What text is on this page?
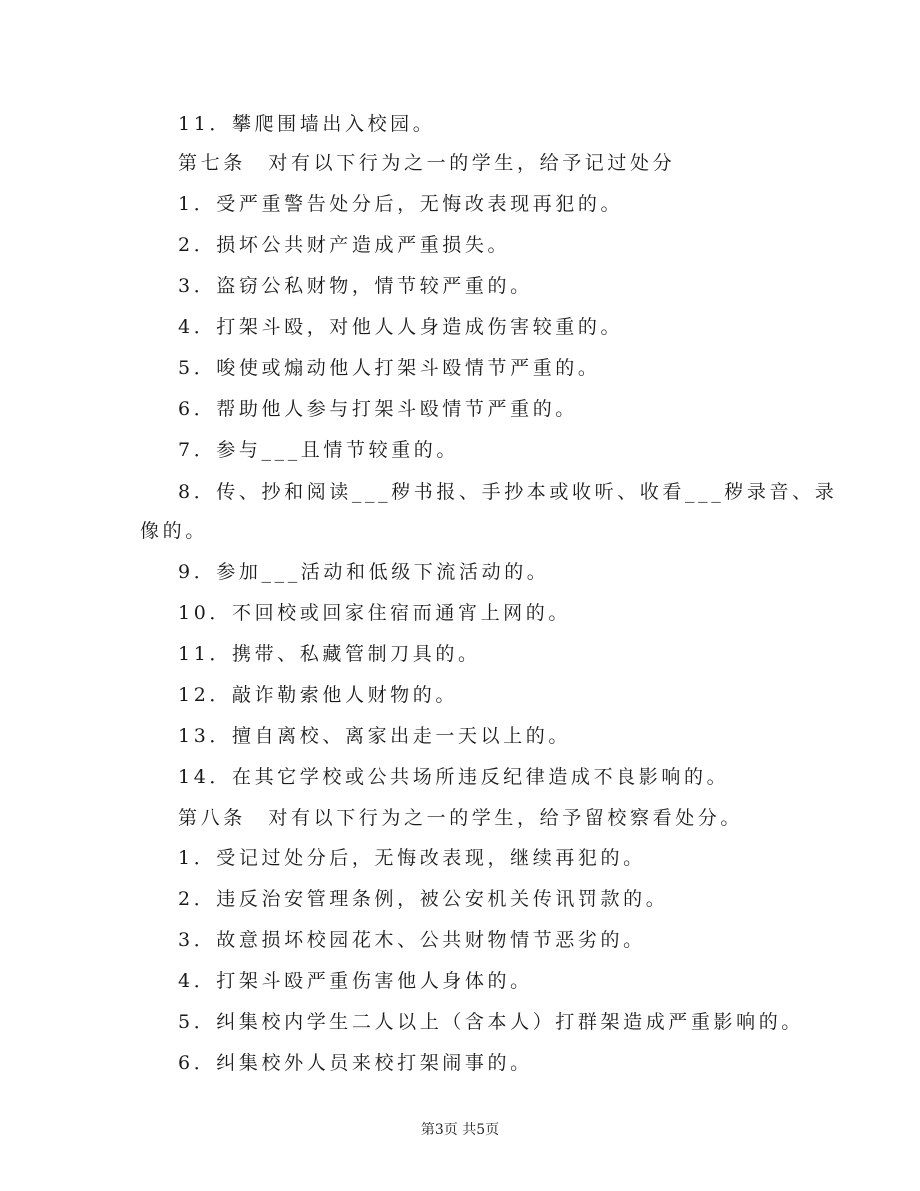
11．攀爬围墙出入校园。
第七条　对有以下行为之一的学生，给予记过处分
1．受严重警告处分后，无悔改表现再犯的。
2．损坏公共财产造成严重损失。
3．盗窃公私财物，情节较严重的。
4．打架斗殴，对他人人身造成伤害较重的。
5．唆使或煽动他人打架斗殴情节严重的。
6．帮助他人参与打架斗殴情节严重的。
7．参与___且情节较重的。
8．传、抄和阅读___秽书报、手抄本或收听、收看___秽录音、录
像的。
9．参加___活动和低级下流活动的。
10．不回校或回家住宿而通宵上网的。
11．携带、私藏管制刀具的。
12．敲诈勒索他人财物的。
13．擅自离校、离家出走一天以上的。
14．在其它学校或公共场所违反纪律造成不良影响的。
第八条　对有以下行为之一的学生，给予留校察看处分。
1．受记过处分后，无悔改表现，继续再犯的。
2．违反治安管理条例，被公安机关传讯罚款的。
3．故意损坏校园花木、公共财物情节恶劣的。
4．打架斗殴严重伤害他人身体的。
5．纠集校内学生二人以上（含本人）打群架造成严重影响的。
6．纠集校外人员来校打架闹事的。
第3页 共5页
